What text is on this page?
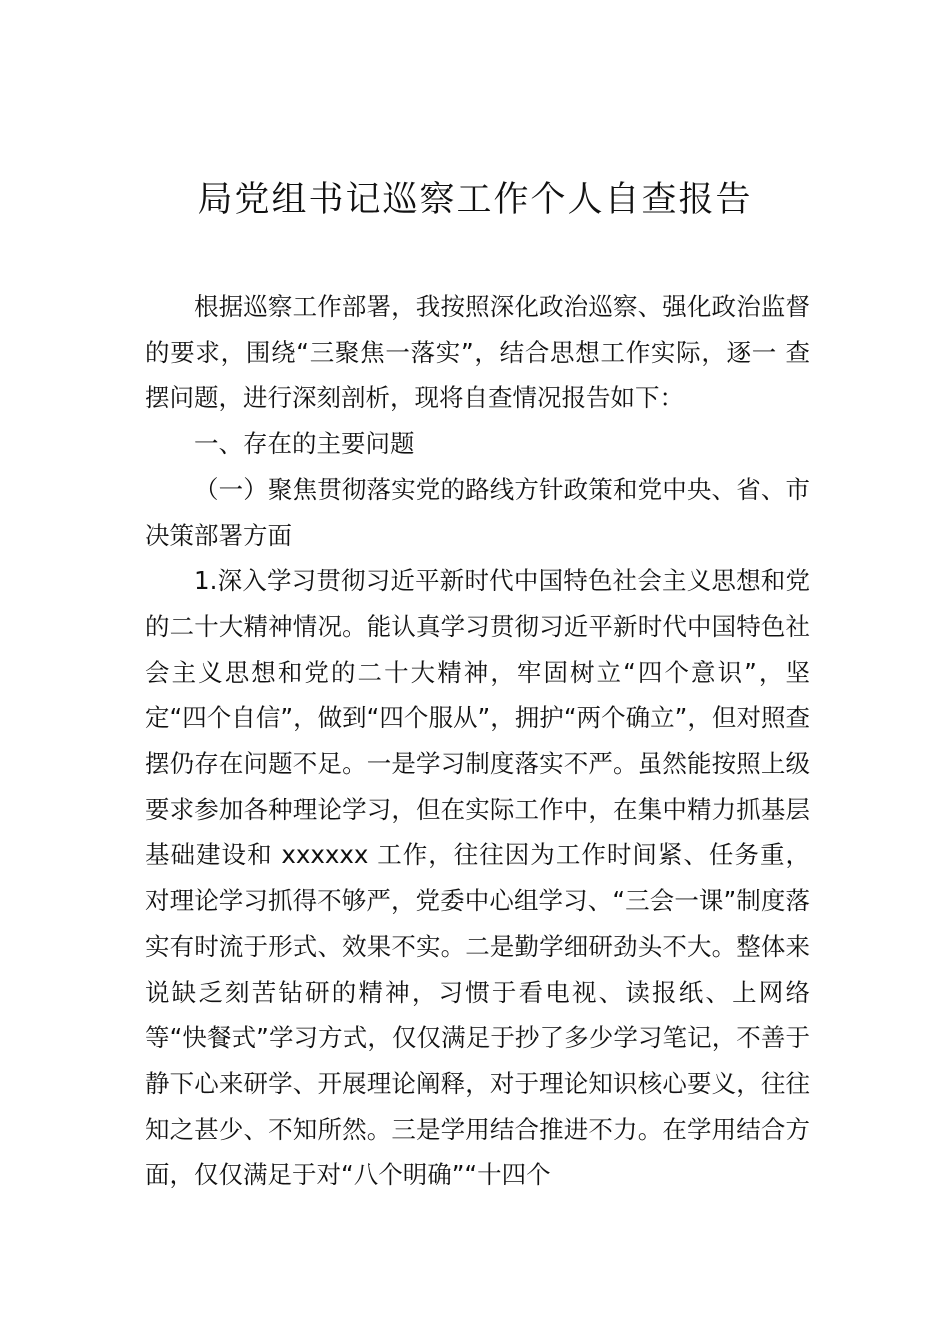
局党组书记巡察工作个人自查报告

根据巡察工作部署，我按照深化政治巡察、强化政治监督的要求，围绕“三聚焦一落实”，结合思想工作实际，逐一 查摆问题，进行深刻剖析，现将自查情况报告如下：

一、存在的主要问题

（一）聚焦贯彻落实党的路线方针政策和党中央、省、市决策部署方面

1.深入学习贯彻习近平新时代中国特色社会主义思想和党的二十大精神情况。能认真学习贯彻习近平新时代中国特色社会主义思想和党的二十大精神，牢固树立“四个意识”，坚定“四个自信”，做到“四个服从”，拥护“两个确立”，但对照查摆仍存在问题不足。一是学习制度落实不严。虽然能按照上级要求参加各种理论学习，但在实际工作中，在集中精力抓基层基础建设和 xxxxxx 工作，往往因为工作时间紧、任务重，对理论学习抓得不够严，党委中心组学习、“三会一课”制度落实有时流于形式、效果不实。二是勤学细研劲头不大。整体来说缺乏刻苦钻研的精神，习惯于看电视、读报纸、上网络等“快餐式”学习方式，仅仅满足于抄了多少学习笔记，不善于静下心来研学、开展理论阐释，对于理论知识核心要义，往往知之甚少、不知所然。三是学用结合推进不力。在学用结合方面，仅仅满足于对“八个明确”“十四个
